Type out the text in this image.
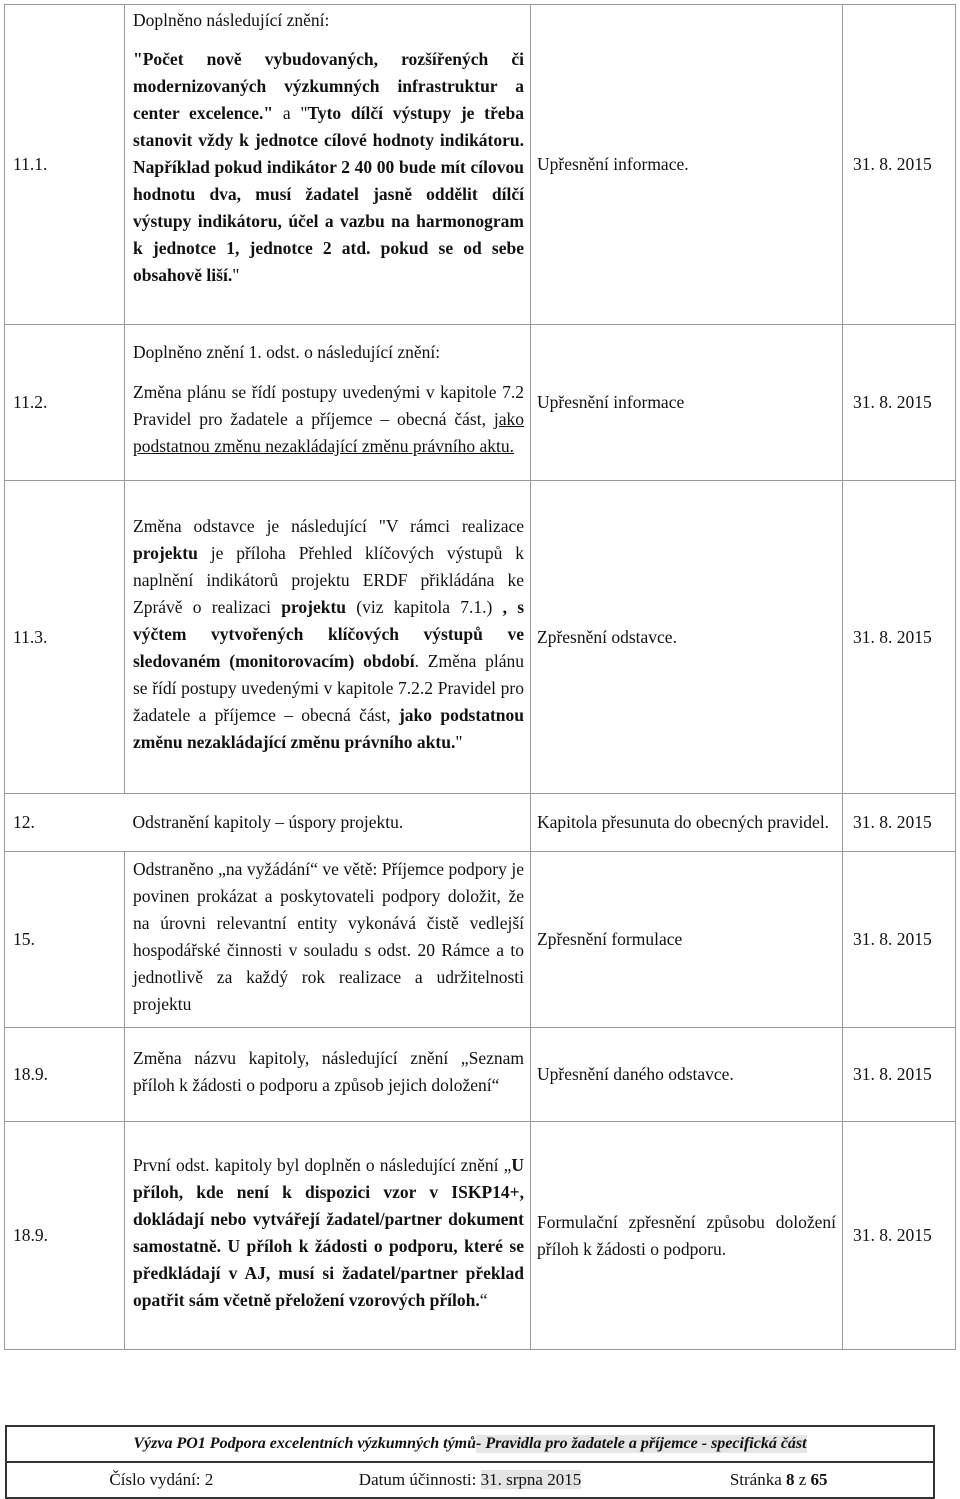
11.1.	Doplněno následující znění:

"Počet nově vybudovaných, rozšířených či modernizovaných výzkumných infrastruktur a center excelence." a "Tyto dílčí výstupy je třeba stanovit vždy k jednotce cílové hodnoty indikátoru. Například pokud indikátor 2 40 00 bude mít cílovou hodnotu dva, musí žadatel jasně oddělit dílčí výstupy indikátoru, účel a vazbu na harmonogram k jednotce 1, jednotce 2 atd. pokud se od sebe obsahově liší."	Upřesnění informace.	31. 8. 2015
11.2.	Doplněno znění 1. odst. o následující znění:

Změna plánu se řídí postupy uvedenými v kapitole 7.2 Pravidel pro žadatele a příjemce – obecná část, jako podstatnou změnu nezakládající změnu právního aktu.	Upřesnění informace	31. 8. 2015
11.3.	Změna odstavce je následující "V rámci realizace projektu je příloha Přehled klíčových výstupů k naplnění indikátorů projektu ERDF přikládána ke Zprávě o realizaci projektu (viz kapitola 7.1.) , s výčtem vytvořených klíčových výstupů ve sledovaném (monitorovacím) období. Změna plánu se řídí postupy uvedenými v kapitole 7.2.2 Pravidel pro žadatele a příjemce – obecná část, jako podstatnou změnu nezakládající změnu právního aktu."	Zpřesnění odstavce.	31. 8. 2015
12.	Odstranění kapitoly – úspory projektu.	Kapitola přesunuta do obecných pravidel.	31. 8. 2015
15.	Odstraněno „na vyžádání“ ve větě: Příjemce podpory je povinen prokázat a poskytovateli podpory doložit, že na úrovni relevantní entity vykonává čistě vedlejší hospodářské činnosti v souladu s odst. 20 Rámce a to jednotlivě za každý rok realizace a udržitelnosti projektu	Zpřesnění formulace	31. 8. 2015
18.9.	Změna názvu kapitoly, následující znění „Seznam příloh k žádosti o podporu a způsob jejich doložení“	Upřesnění daného odstavce.	31. 8. 2015
18.9.	První odst. kapitoly byl doplněn o následující znění „U příloh, kde není k dispozici vzor v ISKP14+, dokládají nebo vytvářejí žadatel/partner dokument samostatně. U příloh k žádosti o podporu, které se předkládají v AJ, musí si žadatel/partner překlad opatřit sám včetně přeložení vzorových příloh.“	Formulační zpřesnění způsobu doložení příloh k žádosti o podporu.	31. 8. 2015
Výzva PO1 Podpora excelentních výzkumných týmů - Pravidla pro žadatele a příjemce - specifická část
Číslo vydání: 2	Datum účinnosti: 31. srpna 2015	Stránka 8 z 65
